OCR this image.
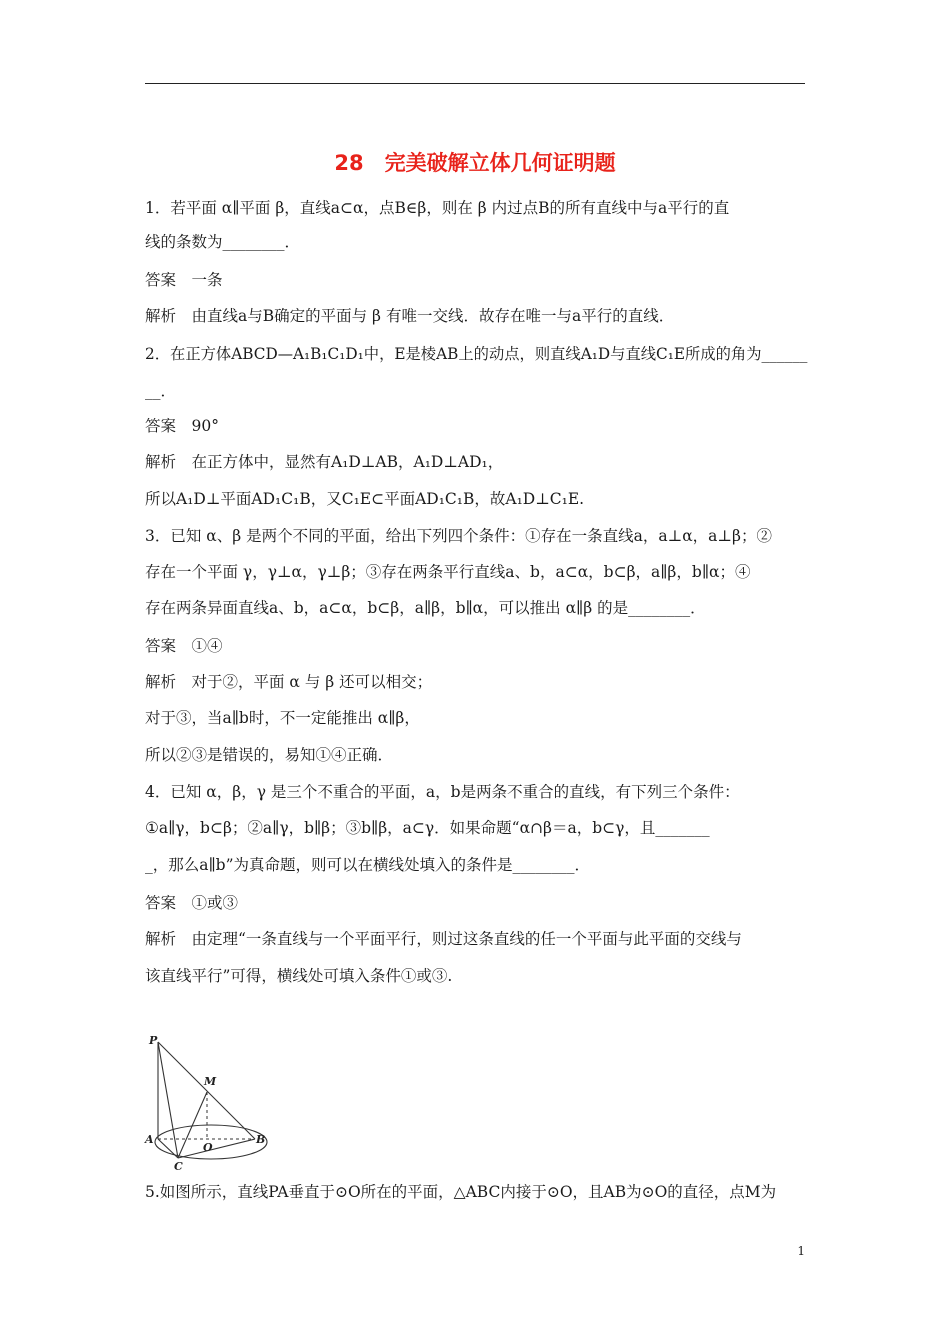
28　完美破解立体几何证明题
1．若平面 α∥平面 β，直线a⊂α，点B∈β，则在 β 内过点B的所有直线中与a平行的直
线的条数为________．
答案　一条
解析　由直线a与B确定的平面与 β 有唯一交线．故存在唯一与a平行的直线．
2．在正方体ABCD—A₁B₁C₁D₁中，E是棱AB上的动点，则直线A₁D与直线C₁E所成的角为______
__．
答案　90°
解析　在正方体中，显然有A₁D⊥AB，A₁D⊥AD₁，
所以A₁D⊥平面AD₁C₁B，又C₁E⊂平面AD₁C₁B，故A₁D⊥C₁E.
3．已知 α、β 是两个不同的平面，给出下列四个条件：①存在一条直线a，a⊥α，a⊥β；②
存在一个平面 γ，γ⊥α，γ⊥β；③存在两条平行直线a、b，a⊂α，b⊂β，a∥β，b∥α；④
存在两条异面直线a、b，a⊂α，b⊂β，a∥β，b∥α，可以推出 α∥β 的是________．
答案　①④
解析　对于②，平面 α 与 β 还可以相交；
对于③，当a∥b时，不一定能推出 α∥β，
所以②③是错误的，易知①④正确．
4．已知 α，β，γ 是三个不重合的平面，a，b是两条不重合的直线，有下列三个条件：
①a∥γ，b⊂β；②a∥γ，b∥β；③b∥β，a⊂γ．如果命题“α∩β＝a，b⊂γ，且_______
_，那么a∥b”为真命题，则可以在横线处填入的条件是________．
答案　①或③
解析　由定理“一条直线与一个平面平行，则过这条直线的任一个平面与此平面的交线与
该直线平行”可得，横线处可填入条件①或③.
5.如图所示，直线PA垂直于⊙O所在的平面，△ABC内接于⊙O，且AB为⊙O的直径，点M为
P
M
A
O
B
C
1
